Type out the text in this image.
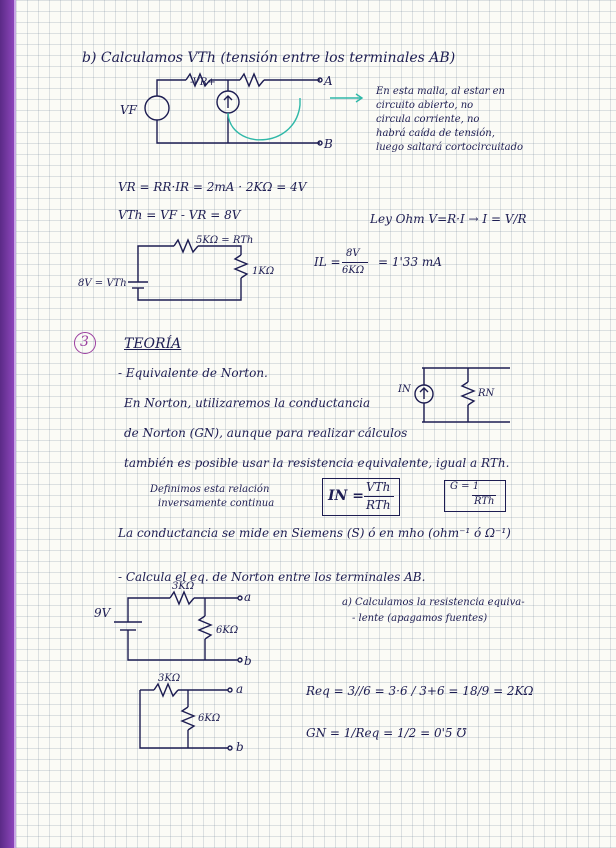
b) Calculamos VTh (tensión entre los terminales AB)
-VR+
VF
A
B
En esta malla, al estar en
circuito abierto, no
circula corriente, no
habrá caída de tensión,
luego saltará cortocircuitado
VR = RR·IR = 2mA · 2KΩ = 4V
VTh = VF - VR = 8V	Ley Ohm V=R·I → I = V/R
5KΩ = RTh
1KΩ
8V = VTh
IL =
8V
6KΩ
= 1'33 mA
3	TEORÍA
- Equivalente de Norton.
En Norton, utilizaremos la conductancia
de Norton (GN), aunque para realizar cálculos
también es posible usar la resistencia equivalente, igual a RTh.
IN	RN
Definimos esta relación
inversamente continua	IN =
VTh
RTh
G = 1
RTh
La conductancia se mide en Siemens (S) ó en mho (ohm⁻¹ ó Ω⁻¹)
- Calcula el eq. de Norton entre los terminales AB.
9V
3KΩ
6KΩ
a
b
a) Calculamos la resistencia equiva-
- lente (apagamos fuentes)
3KΩ
6KΩ
a
b
Req = 3//6 = 3·6 / 3+6 = 18/9 = 2KΩ
GN = 1/Req = 1/2 = 0'5 ℧
